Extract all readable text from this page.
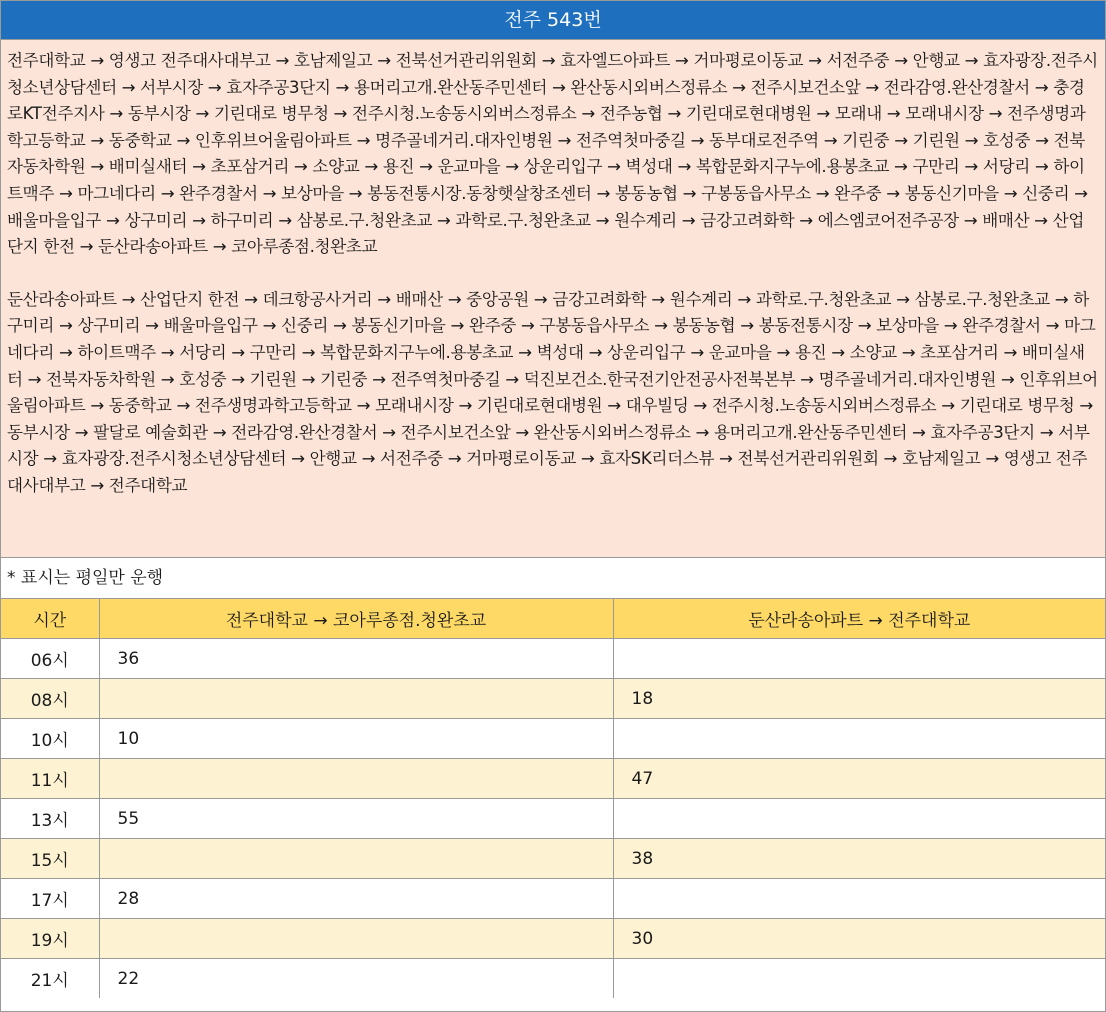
전주 543번

전주대학교 → 영생고 전주대사대부고 → 호남제일고 → 전북선거관리위원회 → 효자엘드아파트 → 거마평로이동교 → 서전주중 → 안행교 → 효자광장.전주시청소년상담센터 → 서부시장 → 효자주공3단지 → 용머리고개.완산동주민센터 → 완산동시외버스정류소 → 전주시보건소앞 → 전라감영.완산경찰서 → 충경로KT전주지사 → 동부시장 → 기린대로 병무청 → 전주시청.노송동시외버스정류소 → 전주농협 → 기린대로현대병원 → 모래내 → 모래내시장 → 전주생명과학고등학교 → 동중학교 → 인후위브어울림아파트 → 명주골네거리.대자인병원 → 전주역첫마중길 → 동부대로전주역 → 기린중 → 기린원 → 호성중 → 전북자동차학원 → 배미실새터 → 초포삼거리 → 소양교 → 용진 → 운교마을 → 상운리입구 → 벽성대 → 복합문화지구누에.용봉초교 → 구만리 → 서당리 → 하이트맥주 → 마그네다리 → 완주경찰서 → 보상마을 → 봉동전통시장.동창햇살창조센터 → 봉동농협 → 구봉동읍사무소 → 완주중 → 봉동신기마을 → 신중리 → 배울마을입구 → 상구미리 → 하구미리 → 삼봉로.구.청완초교 → 과학로.구.청완초교 → 원수계리 → 금강고려화학 → 에스엠코어전주공장 → 배매산 → 산업단지 한전 → 둔산라송아파트 → 코아루종점.청완초교

둔산라송아파트 → 산업단지 한전 → 데크항공사거리 → 배매산 → 중앙공원 → 금강고려화학 → 원수계리 → 과학로.구.청완초교 → 삼봉로.구.청완초교 → 하구미리 → 상구미리 → 배울마을입구 → 신중리 → 봉동신기마을 → 완주중 → 구봉동읍사무소 → 봉동농협 → 봉동전통시장 → 보상마을 → 완주경찰서 → 마그네다리 → 하이트맥주 → 서당리 → 구만리 → 복합문화지구누에.용봉초교 → 벽성대 → 상운리입구 → 운교마을 → 용진 → 소양교 → 초포삼거리 → 배미실새터 → 전북자동차학원 → 호성중 → 기린원 → 기린중 → 전주역첫마중길 → 덕진보건소.한국전기안전공사전북본부 → 명주골네거리.대자인병원 → 인후위브어울림아파트 → 동중학교 → 전주생명과학고등학교 → 모래내시장 → 기린대로현대병원 → 대우빌딩 → 전주시청.노송동시외버스정류소 → 기린대로 병무청 → 동부시장 → 팔달로 예술회관 → 전라감영.완산경찰서 → 전주시보건소앞 → 완산동시외버스정류소 → 용머리고개.완산동주민센터 → 효자주공3단지 → 서부시장 → 효자광장.전주시청소년상담센터 → 안행교 → 서전주중 → 거마평로이동교 → 효자SK리더스뷰 → 전북선거관리위원회 → 호남제일고 → 영생고 전주대사대부고 → 전주대학교

* 표시는 평일만 운행
시간	전주대학교 → 코아루종점.청완초교	둔산라송아파트 → 전주대학교
06시	36	
08시		18
10시	10	
11시		47
13시	55	
15시		38
17시	28	
19시		30
21시	22	
